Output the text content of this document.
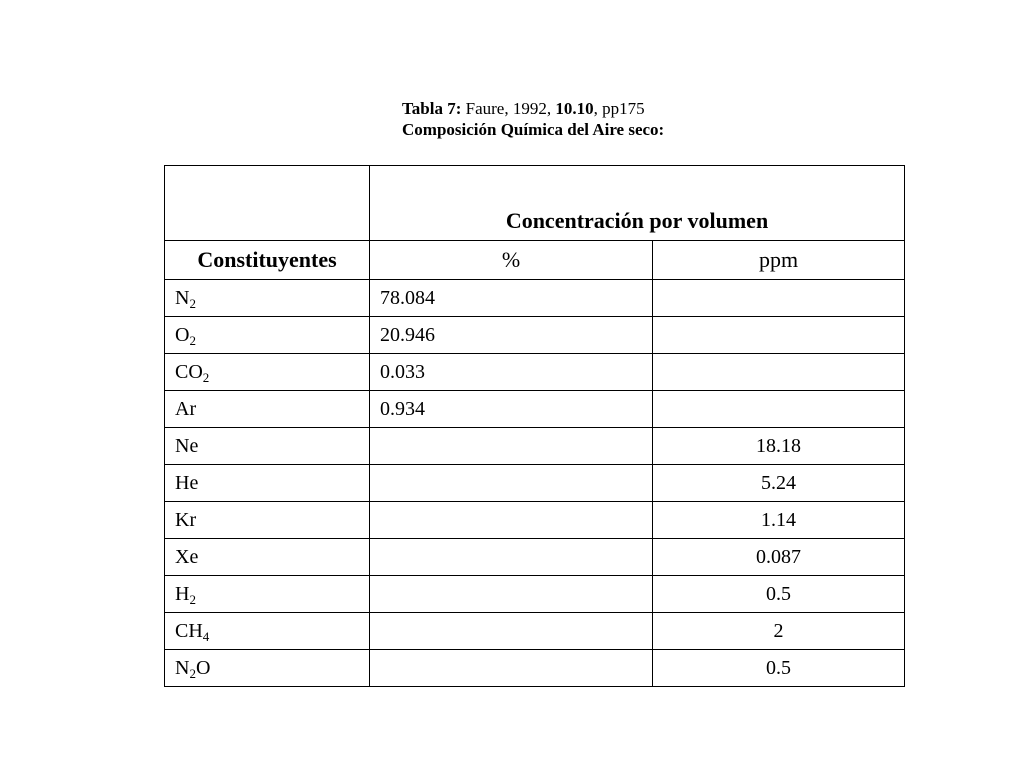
Tabla 7: Faure, 1992, 10.10, pp175
Composición Química del Aire seco:
	Concentración por volumen	
Constituyentes	%	ppm
$N_2$	78.084	
$O_2$	20.946	
$CO_2$	0.033	
Ar	0.934	
Ne		18.18
He		5.24
Kr		1.14
Xe		0.087
$H_2$		0.5
$CH_4$		2
$N_2O$		0.5
